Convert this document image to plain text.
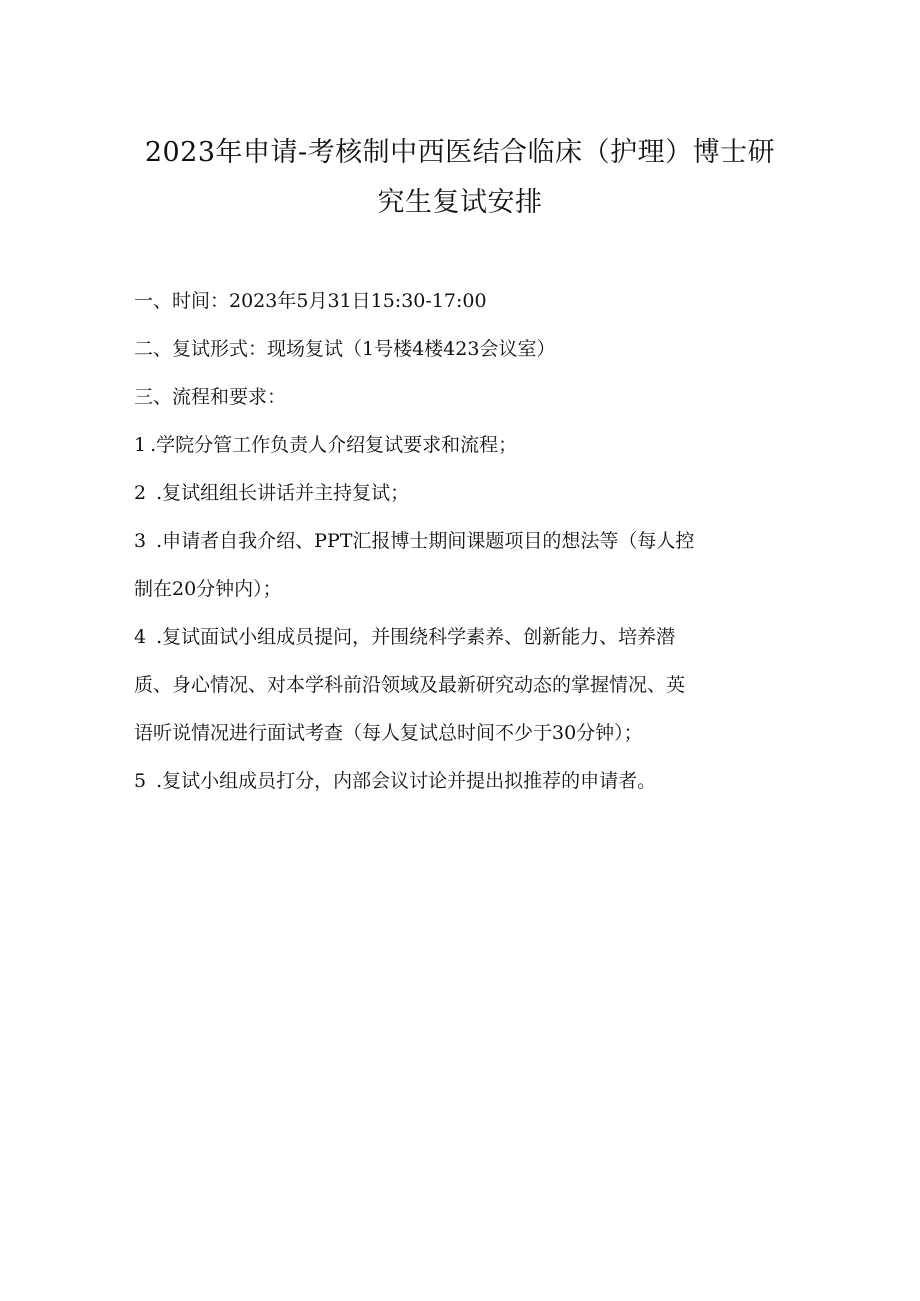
2023年申请-考核制中西医结合临床（护理）博士研
究生复试安排

一、时间：2023年5月31日15:30-17:00

二、复试形式：现场复试（1号楼4楼423会议室）

三、流程和要求：

1 .学院分管工作负责人介绍复试要求和流程；

2 .复试组组长讲话并主持复试；

3 .申请者自我介绍、PPT汇报博士期间课题项目的想法等（每人控
制在20分钟内）；

4 .复试面试小组成员提问，并围绕科学素养、创新能力、培养潜
质、身心情况、对本学科前沿领域及最新研究动态的掌握情况、英
语听说情况进行面试考查（每人复试总时间不少于30分钟）；

5 .复试小组成员打分，内部会议讨论并提出拟推荐的申请者。
